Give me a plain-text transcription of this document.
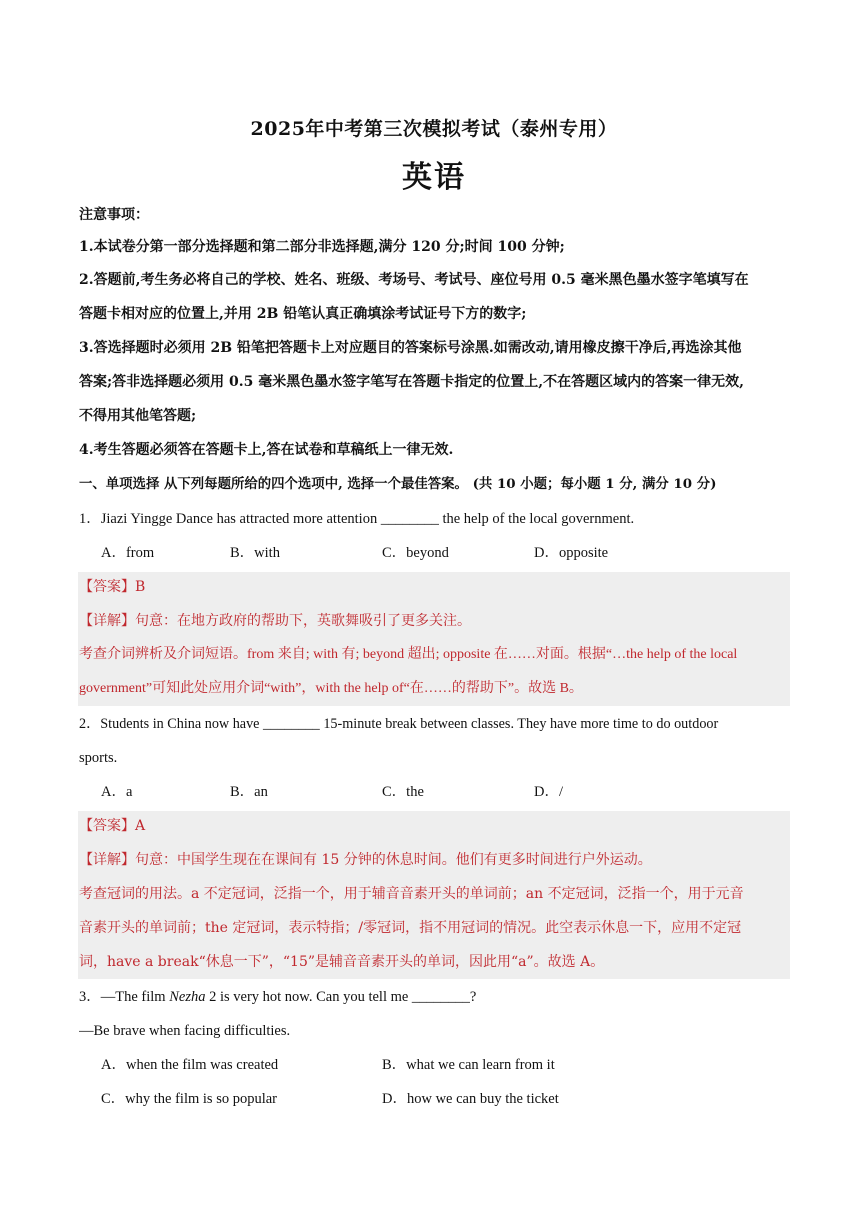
2025年中考第三次模拟考试（泰州专用）
英语
注意事项：
1.本试卷分第一部分选择题和第二部分非选择题,满分 120 分;时间 100 分钟;
2.答题前,考生务必将自己的学校、姓名、班级、考场号、考试号、座位号用 0.5 毫米黑色墨水签字笔填写在
答题卡相对应的位置上,并用 2B 铅笔认真正确填涂考试证号下方的数字;
3.答选择题时必须用 2B 铅笔把答题卡上对应题目的答案标号涂黑.如需改动,请用橡皮擦干净后,再选涂其他
答案;答非选择题必须用 0.5 毫米黑色墨水签字笔写在答题卡指定的位置上,不在答题区域内的答案一律无效,
不得用其他笔答题;
4.考生答题必须答在答题卡上,答在试卷和草稿纸上一律无效.
一、单项选择 从下列每题所给的四个选项中, 选择一个最佳答案。 (共 10 小题；每小题 1 分, 满分 10 分)
1．Jiazi Yingge Dance has attracted more attention ________ the help of the local government.
A．from	B．with	C．beyond	D．opposite
【答案】B
【详解】句意：在地方政府的帮助下，英歌舞吸引了更多关注。
考查介词辨析及介词短语。from 来自; with 有; beyond 超出; opposite 在……对面。根据“…the help of the local
government”可知此处应用介词“with”，with the help of“在……的帮助下”。故选 B。
2．Students in China now have ________ 15-minute break between classes. They have more time to do outdoor
sports.
A．a	B．an	C．the	D．/
【答案】A
【详解】句意：中国学生现在在课间有 15 分钟的休息时间。他们有更多时间进行户外运动。
考查冠词的用法。a 不定冠词，泛指一个，用于辅音音素开头的单词前；an 不定冠词，泛指一个，用于元音
音素开头的单词前；the 定冠词，表示特指；/零冠词，指不用冠词的情况。此空表示休息一下，应用不定冠
词，have a break“休息一下”，“15”是辅音音素开头的单词，因此用“a”。故选 A。
3．—The film Nezha 2 is very hot now. Can you tell me ________?
—Be brave when facing difficulties.
A．when the film was created	B．what we can learn from it
C．why the film is so popular	D．how we can buy the ticket
